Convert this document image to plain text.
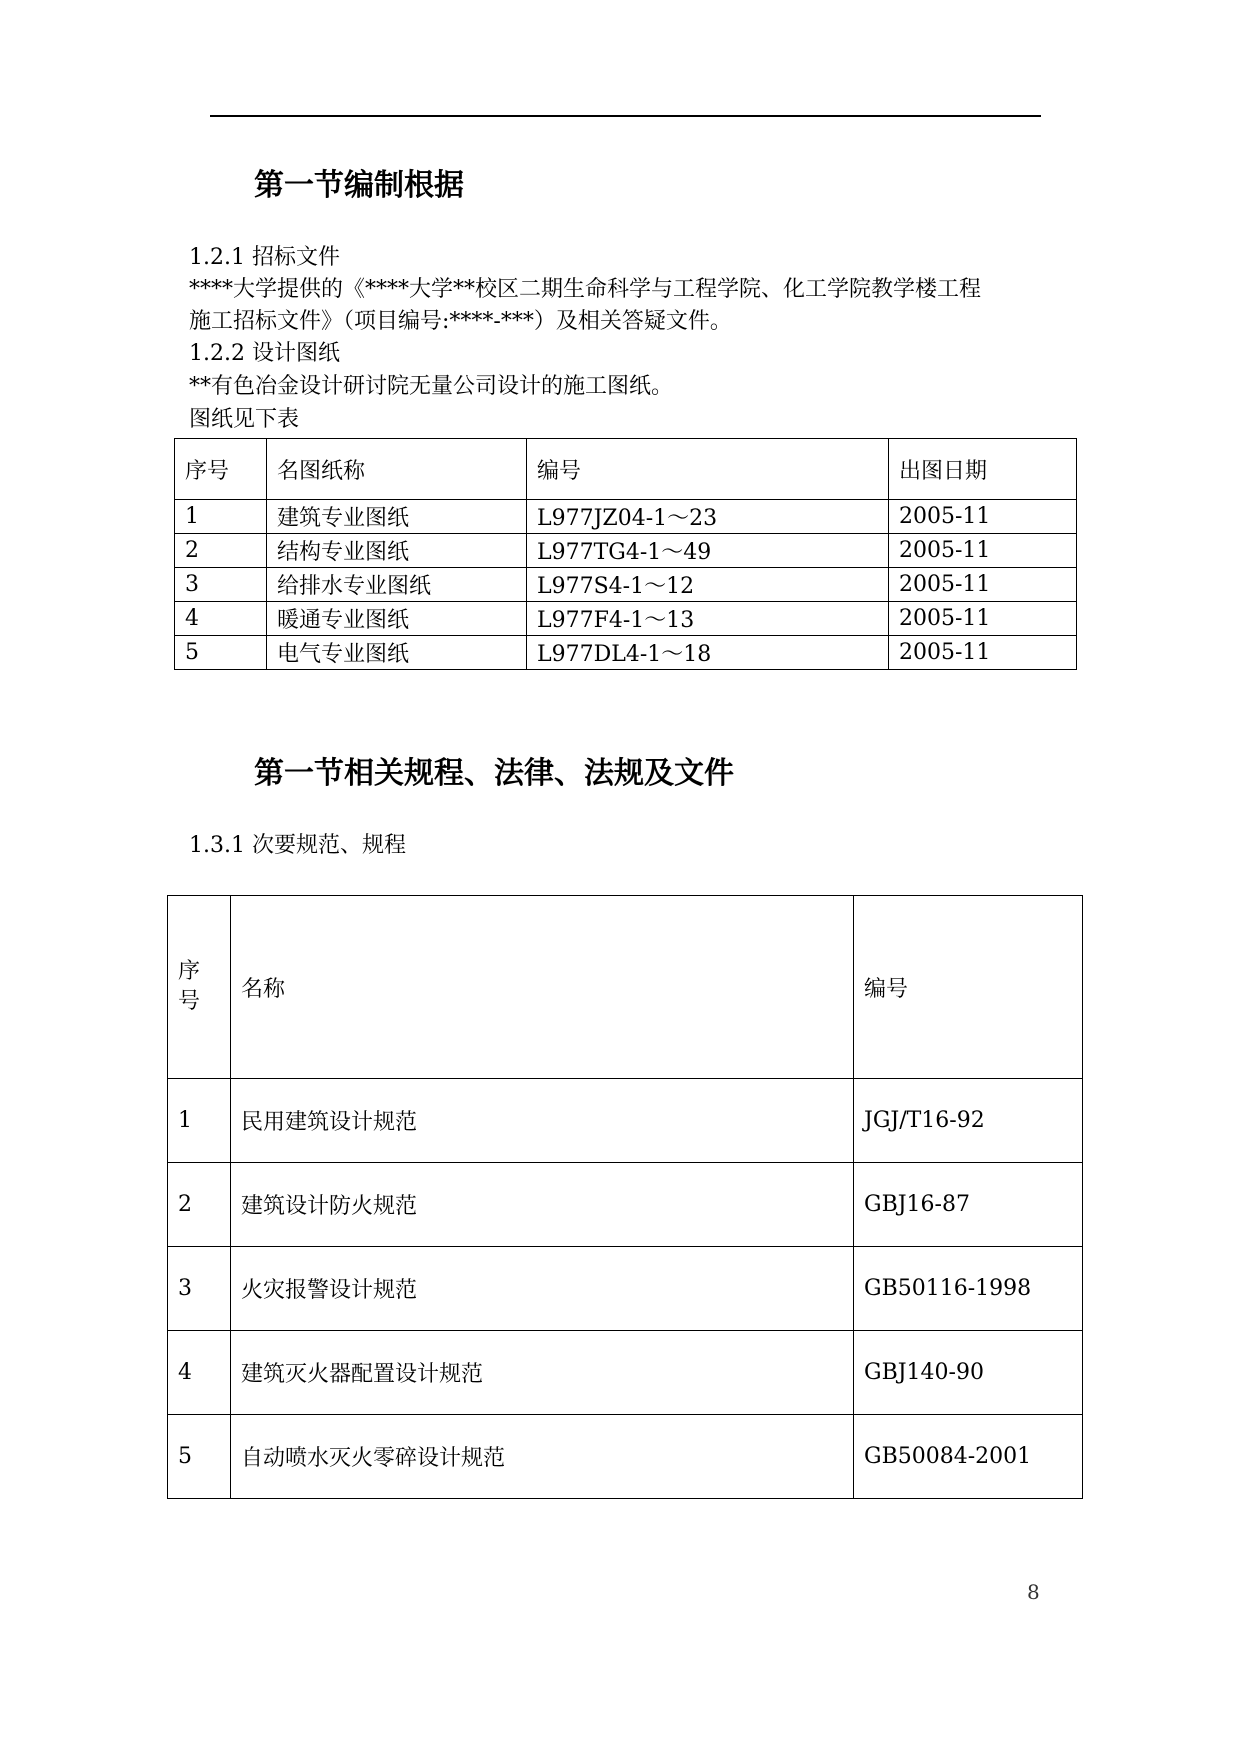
第一节编制根据
1.2.1 招标文件
****大学提供的《****大学**校区二期生命科学与工程学院、化工学院教学楼工程
施工招标文件》（项目编号:****-***）及相关答疑文件。
1.2.2 设计图纸
**有色冶金设计研讨院无量公司设计的施工图纸。
图纸见下表
序号	名图纸称	编号	出图日期
1	建筑专业图纸	L977JZ04-1～23	2005-11
2	结构专业图纸	L977TG4-1～49	2005-11
3	给排水专业图纸	L977S4-1～12	2005-11
4	暖通专业图纸	L977F4-1～13	2005-11
5	电气专业图纸	L977DL4-1～18	2005-11
第一节相关规程、法律、法规及文件
1.3.1 次要规范、规程
序号	名称	编号
1	民用建筑设计规范	JGJ/T16-92
2	建筑设计防火规范	GBJ16-87
3	火灾报警设计规范	GB50116-1998
4	建筑灭火器配置设计规范	GBJ140-90
5	自动喷水灭火零碎设计规范	GB50084-2001
8
